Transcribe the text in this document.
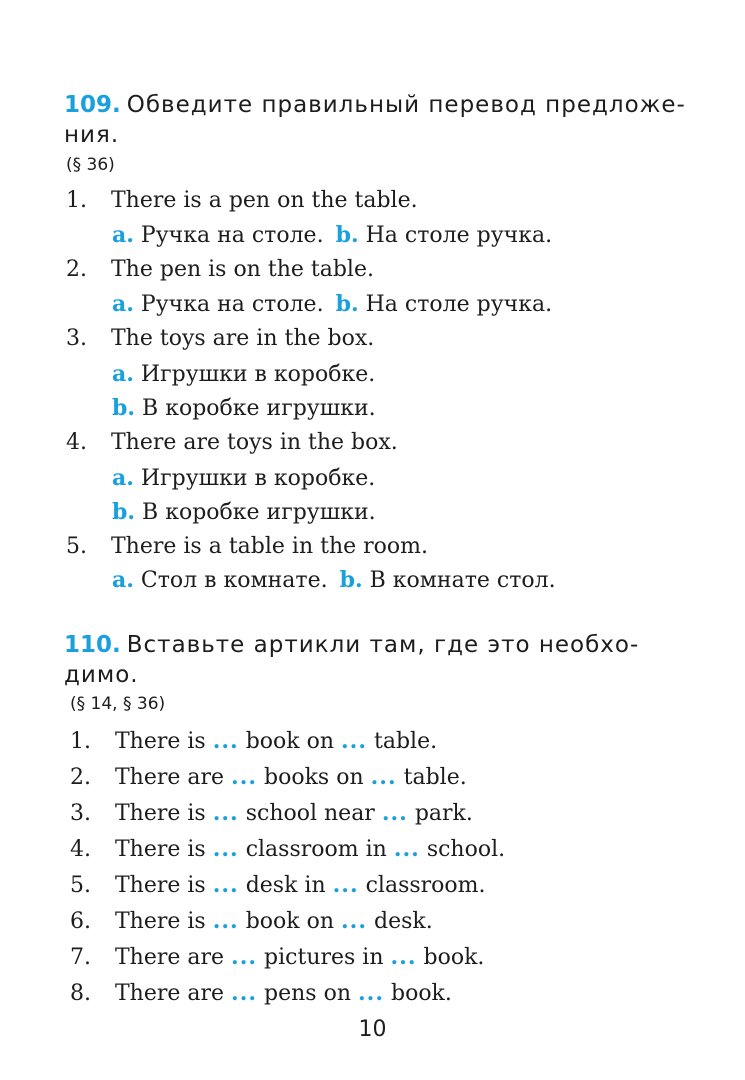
109. Обведите правильный перевод предложе-ния.
(§ 36)
1. There is a pen on the table.
a. Ручка на столе. b. На столе ручка.
2. The pen is on the table.
a. Ручка на столе. b. На столе ручка.
3. The toys are in the box.
a. Игрушки в коробке.
b. В коробке игрушки.
4. There are toys in the box.
a. Игрушки в коробке.
b. В коробке игрушки.
5. There is a table in the room.
a. Стол в комнате. b. В комнате стол.
110. Вставьте артикли там, где это необхо-димо.
(§ 14, § 36)
1. There is ... book on ... table.
2. There are ... books on ... table.
3. There is ... school near ... park.
4. There is ... classroom in ... school.
5. There is ... desk in ... classroom.
6. There is ... book on ... desk.
7. There are ... pictures in ... book.
8. There are ... pens on ... book.
10
